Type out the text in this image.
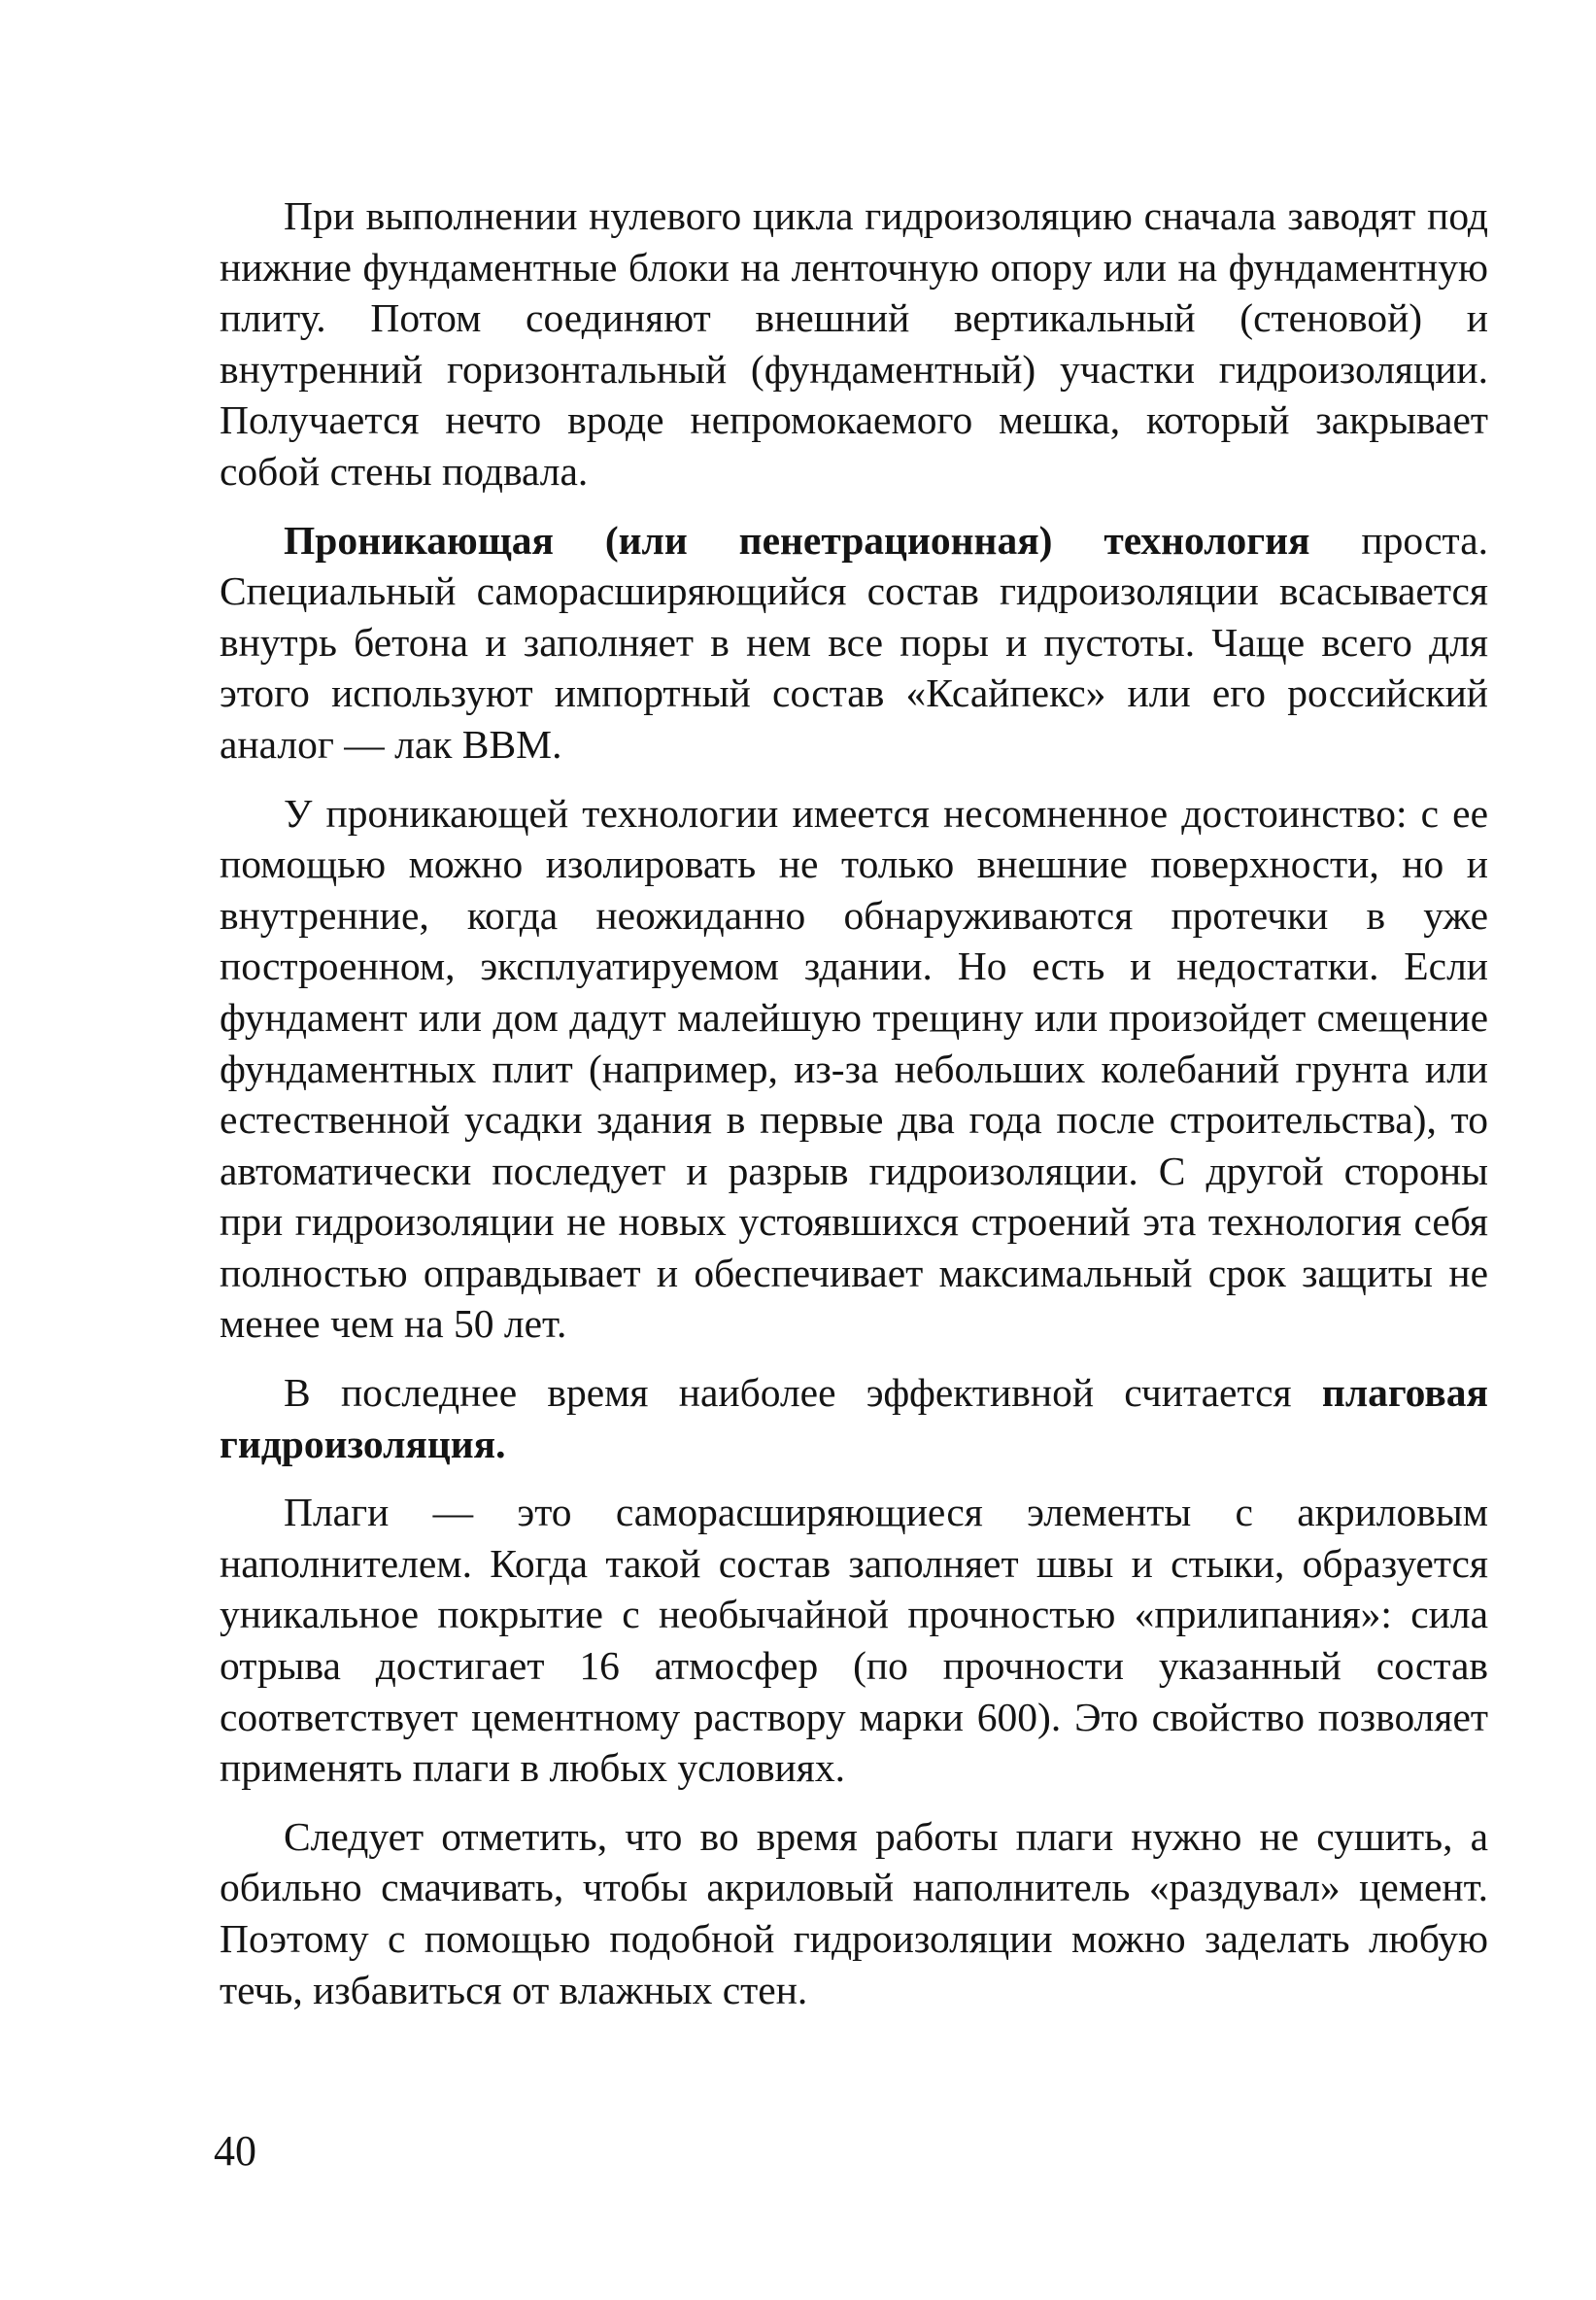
При выполнении нулевого цикла гидроизоляцию сначала заводят под нижние фундаментные блоки на ленточную опору или на фундаментную плиту. Потом соединяют внешний вертикальный (стеновой) и внутренний горизонтальный (фундаментный) участки гидроизоляции. Получается нечто вроде непромокаемого мешка, который закрывает собой стены подвала.

Проникающая (или пенетрационная) технология проста. Специальный саморасширяющийся состав гидроизоляции всасывается внутрь бетона и заполняет в нем все поры и пустоты. Чаще всего для этого используют импортный состав «Ксайпекс» или его российский аналог — лак ВВМ.

У проникающей технологии имеется несомненное достоинство: с ее помощью можно изолировать не только внешние поверхности, но и внутренние, когда неожиданно обнаруживаются протечки в уже построенном, эксплуатируемом здании. Но есть и недостатки. Если фундамент или дом дадут малейшую трещину или произойдет смещение фундаментных плит (например, из-за небольших колебаний грунта или естественной усадки здания в первые два года после строительства), то автоматически последует и разрыв гидроизоляции. С другой стороны при гидроизоляции не новых устоявшихся строений эта технология себя полностью оправдывает и обеспечивает максимальный срок защиты не менее чем на 50 лет.

В последнее время наиболее эффективной считается плаговая гидроизоляция.

Плаги — это саморасширяющиеся элементы с акриловым наполнителем. Когда такой состав заполняет швы и стыки, образуется уникальное покрытие с необычайной прочностью «прилипания»: сила отрыва достигает 16 атмосфер (по прочности указанный состав соответствует цементному раствору марки 600). Это свойство позволяет применять плаги в любых условиях.

Следует отметить, что во время работы плаги нужно не сушить, а обильно смачивать, чтобы акриловый наполнитель «раздувал» цемент. Поэтому с помощью подобной гидроизоляции можно заделать любую течь, избавиться от влажных стен.

40
